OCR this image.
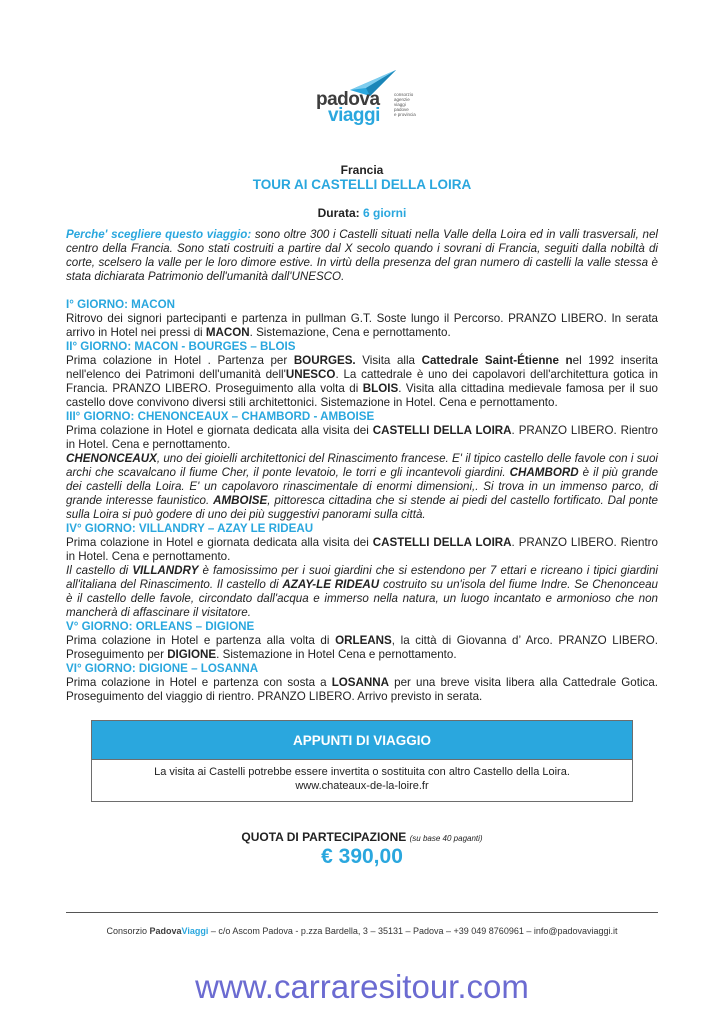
padova
viaggi
consorzio
agenzie
viaggi
padove
e provincia
Francia
TOUR AI CASTELLI DELLA LOIRA
Durata: 6 giorni
Perche' scegliere questo viaggio: sono oltre 300 i Castelli situati nella Valle della Loira ed in valli trasversali, nel centro della Francia. Sono stati costruiti a partire dal X secolo quando i sovrani di Francia, seguiti dalla nobiltà di corte, scelsero la valle per le loro dimore estive. In virtù della presenza del gran numero di castelli la valle stessa è stata dichiarata Patrimonio dell'umanità dall'UNESCO.
I° GIORNO: MACON
Ritrovo dei signori partecipanti e partenza in pullman G.T. Soste lungo il Percorso. PRANZO LIBERO. In serata arrivo in Hotel nei pressi di MACON. Sistemazione, Cena e pernottamento.
II° GIORNO: MACON - BOURGES – BLOIS
Prima colazione in Hotel . Partenza per BOURGES. Visita alla Cattedrale Saint-Étienne nel 1992 inserita nell'elenco dei Patrimoni dell'umanità dell'UNESCO. La cattedrale è uno dei capolavori dell'architettura gotica in Francia. PRANZO LIBERO. Proseguimento alla volta di BLOIS. Visita alla cittadina medievale famosa per il suo castello dove convivono diversi stili architettonici. Sistemazione in Hotel. Cena e pernottamento.
III° GIORNO: CHENONCEAUX – CHAMBORD - AMBOISE
Prima colazione in Hotel e giornata dedicata alla visita dei CASTELLI DELLA LOIRA. PRANZO LIBERO. Rientro in Hotel. Cena e pernottamento.
CHENONCEAUX, uno dei gioielli architettonici del Rinascimento francese. E' il tipico castello delle favole con i suoi archi che scavalcano il fiume Cher, il ponte levatoio, le torri e gli incantevoli giardini. CHAMBORD è il più grande dei castelli della Loira. E' un capolavoro rinascimentale di enormi dimensioni,. Si trova in un immenso parco, di grande interesse faunistico. AMBOISE, pittoresca cittadina che si stende ai piedi del castello fortificato. Dal ponte sulla Loira si può godere di uno dei più suggestivi panorami sulla città.
IV° GIORNO: VILLANDRY – AZAY LE RIDEAU
Prima colazione in Hotel e giornata dedicata alla visita dei CASTELLI DELLA LOIRA. PRANZO LIBERO. Rientro in Hotel. Cena e pernottamento.
Il castello di VILLANDRY è famosissimo per i suoi giardini che si estendono per 7 ettari e ricreano i tipici giardini all'italiana del Rinascimento. Il castello di AZAY-LE RIDEAU costruito su un'isola del fiume Indre. Se Chenonceau è il castello delle favole, circondato dall'acqua e immerso nella natura, un luogo incantato e armonioso che non mancherà di affascinare il visitatore.
V° GIORNO: ORLEANS – DIGIONE
Prima colazione in Hotel e partenza alla volta di ORLEANS, la città di Giovanna d’ Arco. PRANZO LIBERO. Proseguimento per DIGIONE. Sistemazione in Hotel Cena e pernottamento.
VI° GIORNO: DIGIONE – LOSANNA
Prima colazione in Hotel e partenza con sosta a LOSANNA per una breve visita libera alla Cattedrale Gotica. Proseguimento del viaggio di rientro. PRANZO LIBERO. Arrivo previsto in serata.
APPUNTI DI VIAGGIO
La visita ai Castelli potrebbe essere invertita o sostituita con altro Castello della Loira.
www.chateaux-de-la-loire.fr
QUOTA DI PARTECIPAZIONE (su base 40 paganti)
€ 390,00
Consorzio PadovaViaggi – c/o Ascom Padova - p.zza Bardella, 3 – 35131 – Padova – +39 049 8760961 – info@padovaviaggi.it
www.carraresitour.com
